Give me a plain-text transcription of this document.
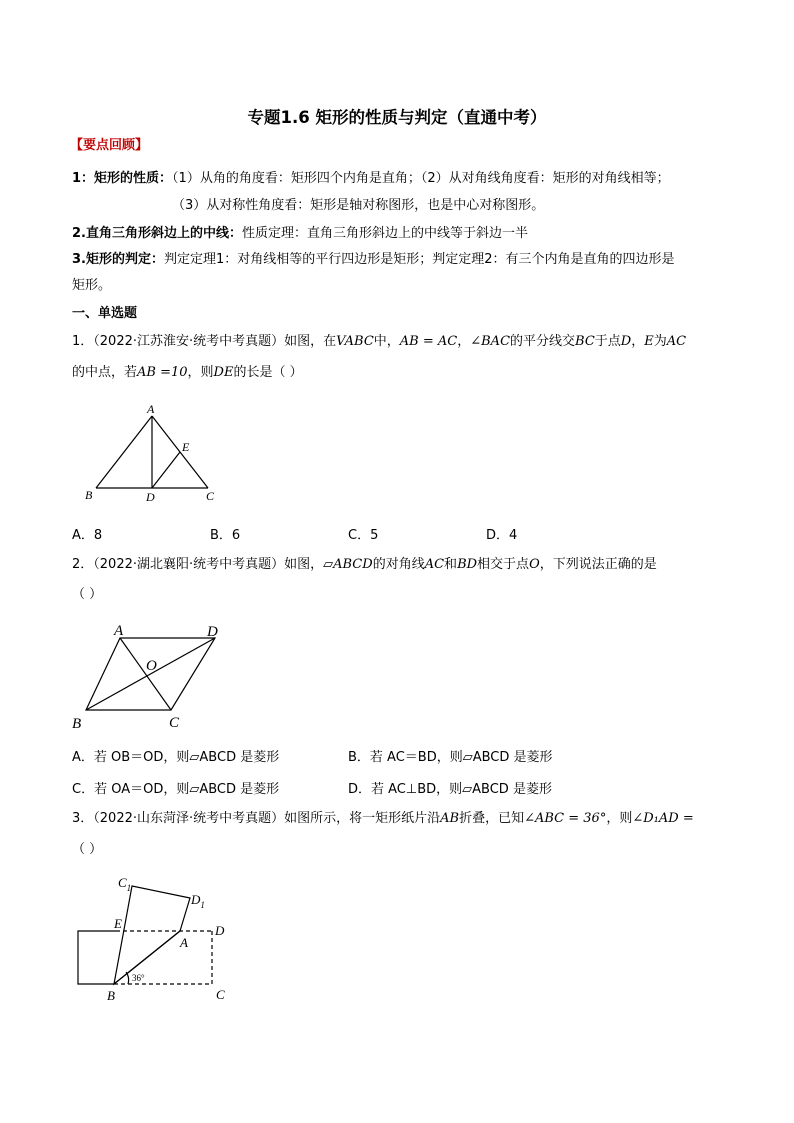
专题1.6 矩形的性质与判定（直通中考）
【要点回顾】
1：矩形的性质：（1）从角的角度看：矩形四个内角是直角；（2）从对角线角度看：矩形的对角线相等；
（3）从对称性角度看：矩形是轴对称图形，也是中心对称图形。
2.直角三角形斜边上的中线：性质定理：直角三角形斜边上的中线等于斜边一半
3.矩形的判定：判定定理1：对角线相等的平行四边形是矩形；判定定理2：有三个内角是直角的四边形是
矩形。
一、单选题
1．（2022·江苏淮安·统考中考真题）如图，在VABC中，AB = AC，∠BAC的平分线交BC于点D，E为AC
的中点，若AB =10，则DE的长是（ ）
A
B	C
D
E
A．8	B．6	C．5	D．4
2．（2022·湖北襄阳·统考中考真题）如图，▱ABCD的对角线AC和BD相交于点O，下列说法正确的是
（ ）
A	D
B	C
O
A．若 OB＝OD，则▱ABCD 是菱形	B．若 AC＝BD，则▱ABCD 是菱形
C．若 OA＝OD，则▱ABCD 是菱形	D．若 AC⊥BD，则▱ABCD 是菱形
3．（2022·山东菏泽·统考中考真题）如图所示，将一矩形纸片沿AB折叠，已知∠ABC = 36°，则∠D₁AD =
（ ）
$C_1$
$D_1$
E
A
D
B	C
36°
